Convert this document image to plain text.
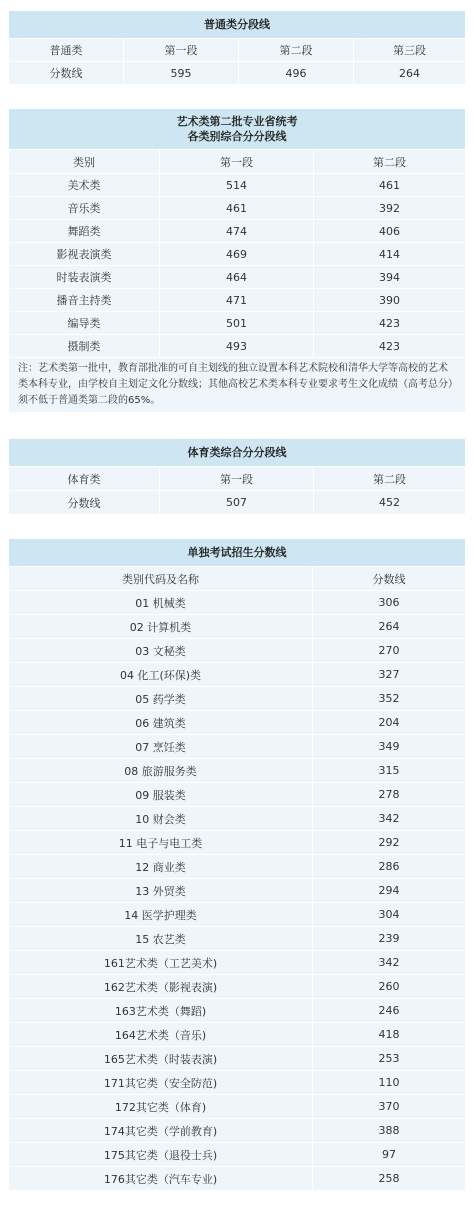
普通类分段线			
普通类	第一段	第二段	第三段
分数线	595	496	264
艺术类第二批专业省统考
各类别综合分分段线		

类别	第一段	第二段
美术类	514	461
音乐类	461	392
舞蹈类	474	406
影视表演类	469	414
时装表演类	464	394
播音主持类	471	390
编导类	501	423
摄制类	493	423
注：艺术类第一批中，教育部批准的可自主划线的独立设置本科艺术院校和清华大学等高校的艺术类本科专业，由学校自主划定文化分数线；其他高校艺术类本科专业要求考生文化成绩（高考总分）须不低于普通类第二段的65%。		
体育类综合分分段线		
体育类	第一段	第二段
分数线	507	452
单独考试招生分数线	
类别代码及名称	分数线
01 机械类	306
02 计算机类	264
03 文秘类	270
04 化工(环保)类	327
05 药学类	352
06 建筑类	204
07 烹饪类	349
08 旅游服务类	315
09 服装类	278
10 财会类	342
11 电子与电工类	292
12 商业类	286
13 外贸类	294
14 医学护理类	304
15 农艺类	239
161艺术类（工艺美术)	342
162艺术类（影视表演)	260
163艺术类（舞蹈)	246
164艺术类（音乐)	418
165艺术类（时装表演)	253
171其它类（安全防范)	110
172其它类（体育)	370
174其它类（学前教育)	388
175其它类（退役士兵)	97
176其它类（汽车专业)	258
